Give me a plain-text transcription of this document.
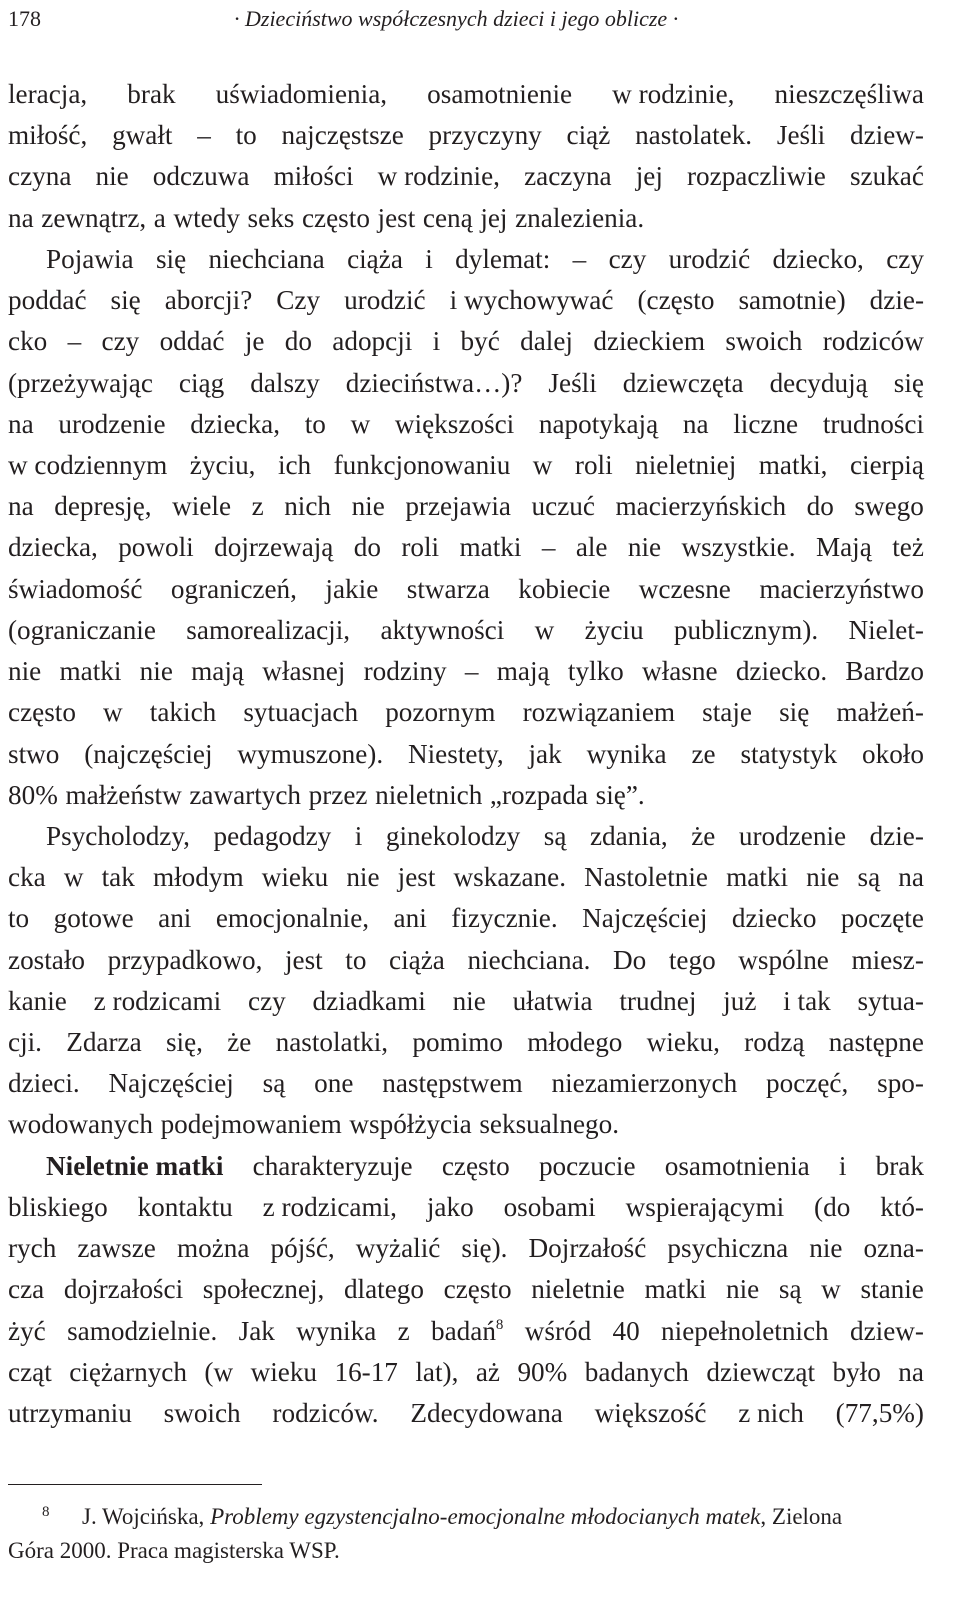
178	· Dzieciństwo współczesnych dzieci i jego oblicze ·
leracja, brak uświadomienia, osamotnienie w rodzinie, nieszczęśliwa
miłość, gwałt – to najczęstsze przyczyny ciąż nastolatek. Jeśli dziew-
czyna nie odczuwa miłości w rodzinie, zaczyna jej rozpaczliwie szukać
na zewnątrz, a wtedy seks często jest ceną jej znalezienia.
Pojawia się niechciana ciąża i dylemat: – czy urodzić dziecko, czy
poddać się aborcji? Czy urodzić i wychowywać (często samotnie) dzie-
cko – czy oddać je do adopcji i być dalej dzieckiem swoich rodziców
(przeżywając ciąg dalszy dzieciństwa…)? Jeśli dziewczęta decydują się
na urodzenie dziecka, to w większości napotykają na liczne trudności
w codziennym życiu, ich funkcjonowaniu w roli nieletniej matki, cierpią
na depresję, wiele z nich nie przejawia uczuć macierzyńskich do swego
dziecka, powoli dojrzewają do roli matki – ale nie wszystkie. Mają też
świadomość ograniczeń, jakie stwarza kobiecie wczesne macierzyństwo
(ograniczanie samorealizacji, aktywności w życiu publicznym). Nielet-
nie matki nie mają własnej rodziny – mają tylko własne dziecko. Bardzo
często w takich sytuacjach pozornym rozwiązaniem staje się małżeń-
stwo (najczęściej wymuszone). Niestety, jak wynika ze statystyk około
80% małżeństw zawartych przez nieletnich „rozpada się”.
Psycholodzy, pedagodzy i ginekolodzy są zdania, że urodzenie dzie-
cka w tak młodym wieku nie jest wskazane. Nastoletnie matki nie są na
to gotowe ani emocjonalnie, ani fizycznie. Najczęściej dziecko poczęte
zostało przypadkowo, jest to ciąża niechciana. Do tego wspólne miesz-
kanie z rodzicami czy dziadkami nie ułatwia trudnej już i tak sytua-
cji. Zdarza się, że nastolatki, pomimo młodego wieku, rodzą następne
dzieci. Najczęściej są one następstwem niezamierzonych poczęć, spo-
wodowanych podejmowaniem współżycia seksualnego.
Nieletnie matki charakteryzuje często poczucie osamotnienia i brak
bliskiego kontaktu z rodzicami, jako osobami wspierającymi (do któ-
rych zawsze można pójść, wyżalić się). Dojrzałość psychiczna nie ozna-
cza dojrzałości społecznej, dlatego często nieletnie matki nie są w stanie
żyć samodzielnie. Jak wynika z badań$^8$ wśród 40 niepełnoletnich dziew-
cząt ciężarnych (w wieku 16-17 lat), aż 90% badanych dziewcząt było na
utrzymaniu swoich rodziców. Zdecydowana większość z nich (77,5%)
8 J. Wojcińska, Problemy egzystencjalno-emocjonalne młodocianych matek, Zielona
Góra 2000. Praca magisterska WSP.
